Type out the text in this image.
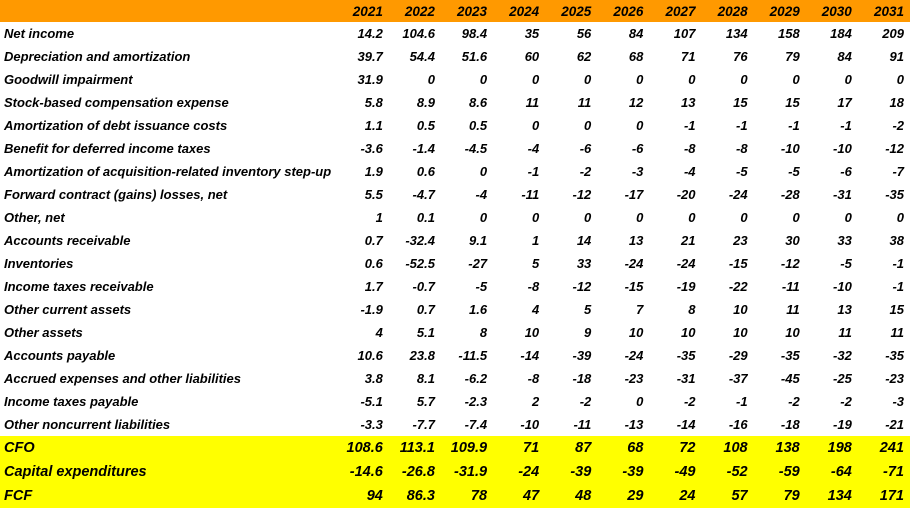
	2021	2022	2023	2024	2025	2026	2027	2028	2029	2030	2031
Net income	14.2	104.6	98.4	35	56	84	107	134	158	184	209
Depreciation and amortization	39.7	54.4	51.6	60	62	68	71	76	79	84	91
Goodwill impairment	31.9	0	0	0	0	0	0	0	0	0	0
Stock-based compensation expense	5.8	8.9	8.6	11	11	12	13	15	15	17	18
Amortization of debt issuance costs	1.1	0.5	0.5	0	0	0	-1	-1	-1	-1	-2
Benefit for deferred income taxes	-3.6	-1.4	-4.5	-4	-6	-6	-8	-8	-10	-10	-12
Amortization of acquisition-related inventory step-up	1.9	0.6	0	-1	-2	-3	-4	-5	-5	-6	-7
Forward contract (gains) losses, net	5.5	-4.7	-4	-11	-12	-17	-20	-24	-28	-31	-35
Other, net	1	0.1	0	0	0	0	0	0	0	0	0
Accounts receivable	0.7	-32.4	9.1	1	14	13	21	23	30	33	38
Inventories	0.6	-52.5	-27	5	33	-24	-24	-15	-12	-5	-1
Income taxes receivable	1.7	-0.7	-5	-8	-12	-15	-19	-22	-11	-10	-1
Other current assets	-1.9	0.7	1.6	4	5	7	8	10	11	13	15
Other assets	4	5.1	8	10	9	10	10	10	10	11	11
Accounts payable	10.6	23.8	-11.5	-14	-39	-24	-35	-29	-35	-32	-35
Accrued expenses and other liabilities	3.8	8.1	-6.2	-8	-18	-23	-31	-37	-45	-25	-23
Income taxes payable	-5.1	5.7	-2.3	2	-2	0	-2	-1	-2	-2	-3
Other noncurrent liabilities	-3.3	-7.7	-7.4	-10	-11	-13	-14	-16	-18	-19	-21
CFO	108.6	113.1	109.9	71	87	68	72	108	138	198	241
Capital expenditures	-14.6	-26.8	-31.9	-24	-39	-39	-49	-52	-59	-64	-71
FCF	94	86.3	78	47	48	29	24	57	79	134	171
